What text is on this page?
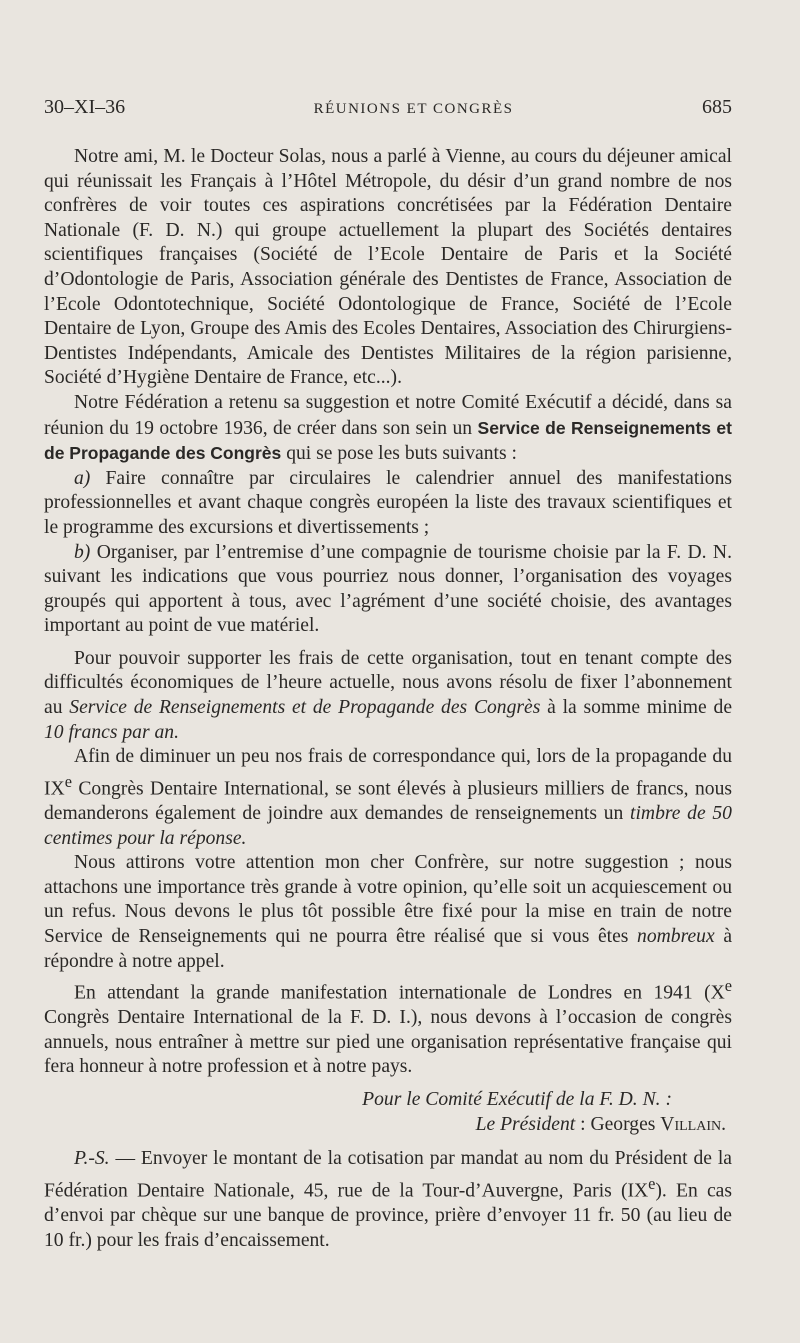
30–XI–36	RÉUNIONS ET CONGRÈS	685

Notre ami, M. le Docteur Solas, nous a parlé à Vienne, au cours du déjeuner amical qui réunissait les Français à l’Hôtel Métropole, du désir d’un grand nombre de nos confrères de voir toutes ces aspirations concrétisées par la Fédération Dentaire Nationale (F. D. N.) qui groupe actuellement la plupart des Sociétés dentaires scientifiques françaises (Société de l’Ecole Dentaire de Paris et la Société d’Odontologie de Paris, Association générale des Dentistes de France, Association de l’Ecole Odontotechnique, Société Odontologique de France, Société de l’Ecole Dentaire de Lyon, Groupe des Amis des Ecoles Dentaires, Association des Chirurgiens-Dentistes Indépendants, Amicale des Dentistes Militaires de la région parisienne, Société d’Hygiène Dentaire de France, etc...).

Notre Fédération a retenu sa suggestion et notre Comité Exécutif a décidé, dans sa réunion du 19 octobre 1936, de créer dans son sein un Service de Renseignements et de Propagande des Congrès qui se pose les buts suivants :

a) Faire connaître par circulaires le calendrier annuel des manifestations professionnelles et avant chaque congrès européen la liste des travaux scientifiques et le programme des excursions et divertissements ;

b) Organiser, par l’entremise d’une compagnie de tourisme choisie par la F. D. N. suivant les indications que vous pourriez nous donner, l’organisation des voyages groupés qui apportent à tous, avec l’agrément d’une société choisie, des avantages important au point de vue matériel.

Pour pouvoir supporter les frais de cette organisation, tout en tenant compte des difficultés économiques de l’heure actuelle, nous avons résolu de fixer l’abonnement au Service de Renseignements et de Propagande des Congrès à la somme minime de 10 francs par an.

Afin de diminuer un peu nos frais de correspondance qui, lors de la propagande du IXe Congrès Dentaire International, se sont élevés à plusieurs milliers de francs, nous demanderons également de joindre aux demandes de renseignements un timbre de 50 centimes pour la réponse.

Nous attirons votre attention mon cher Confrère, sur notre suggestion ; nous attachons une importance très grande à votre opinion, qu’elle soit un acquiescement ou un refus. Nous devons le plus tôt possible être fixé pour la mise en train de notre Service de Renseignements qui ne pourra être réalisé que si vous êtes nombreux à répondre à notre appel.

En attendant la grande manifestation internationale de Londres en 1941 (Xe Congrès Dentaire International de la F. D. I.), nous devons à l’occasion de congrès annuels, nous entraîner à mettre sur pied une organisation représentative française qui fera honneur à notre profession et à notre pays.

Pour le Comité Exécutif de la F. D. N. :

Le Président : Georges Villain.

P.-S. — Envoyer le montant de la cotisation par mandat au nom du Président de la Fédération Dentaire Nationale, 45, rue de la Tour-d’Auvergne, Paris (IXe). En cas d’envoi par chèque sur une banque de province, prière d’envoyer 11 fr. 50 (au lieu de 10 fr.) pour les frais d’encaissement.
